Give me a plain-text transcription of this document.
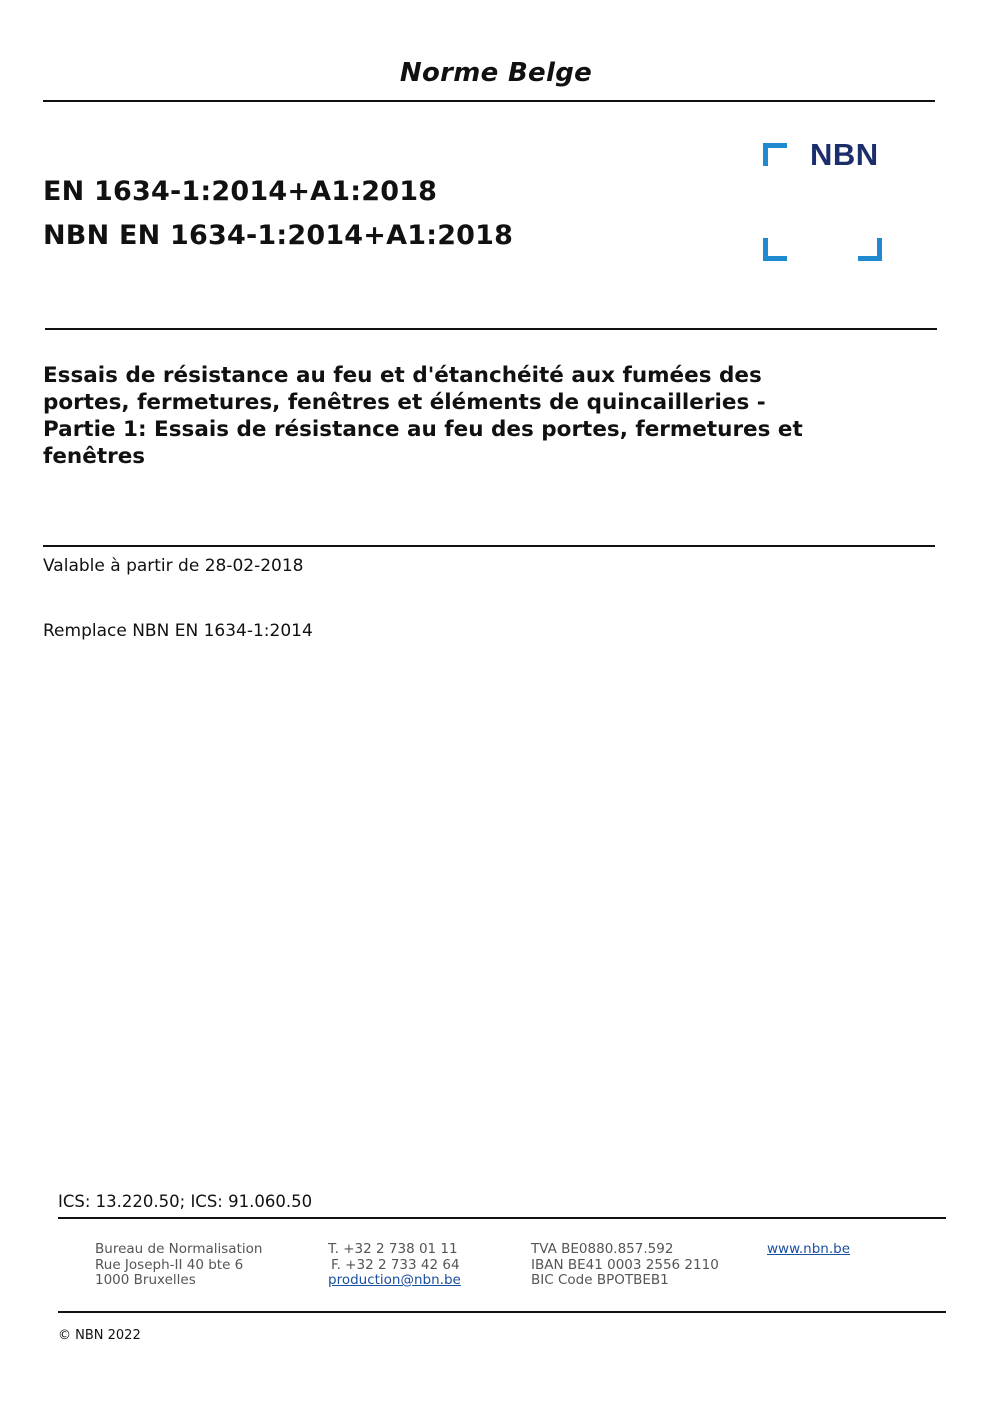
Norme Belge
NBN
EN 1634-1:2014+A1:2018
NBN EN 1634-1:2014+A1:2018
Essais de résistance au feu et d'étanchéité aux fumées des
portes, fermetures, fenêtres et éléments de quincailleries -
Partie 1: Essais de résistance au feu des portes, fermetures et
fenêtres
Valable à partir de 28-02-2018
Remplace NBN EN 1634-1:2014
ICS: 13.220.50; ICS: 91.060.50
Bureau de Normalisation
Rue Joseph-II 40 bte 6
1000 Bruxelles
T. +32 2 738 01 11
F. +32 2 733 42 64
production@nbn.be
TVA BE0880.857.592
IBAN BE41 0003 2556 2110
BIC Code BPOTBEB1
www.nbn.be
© NBN 2022
